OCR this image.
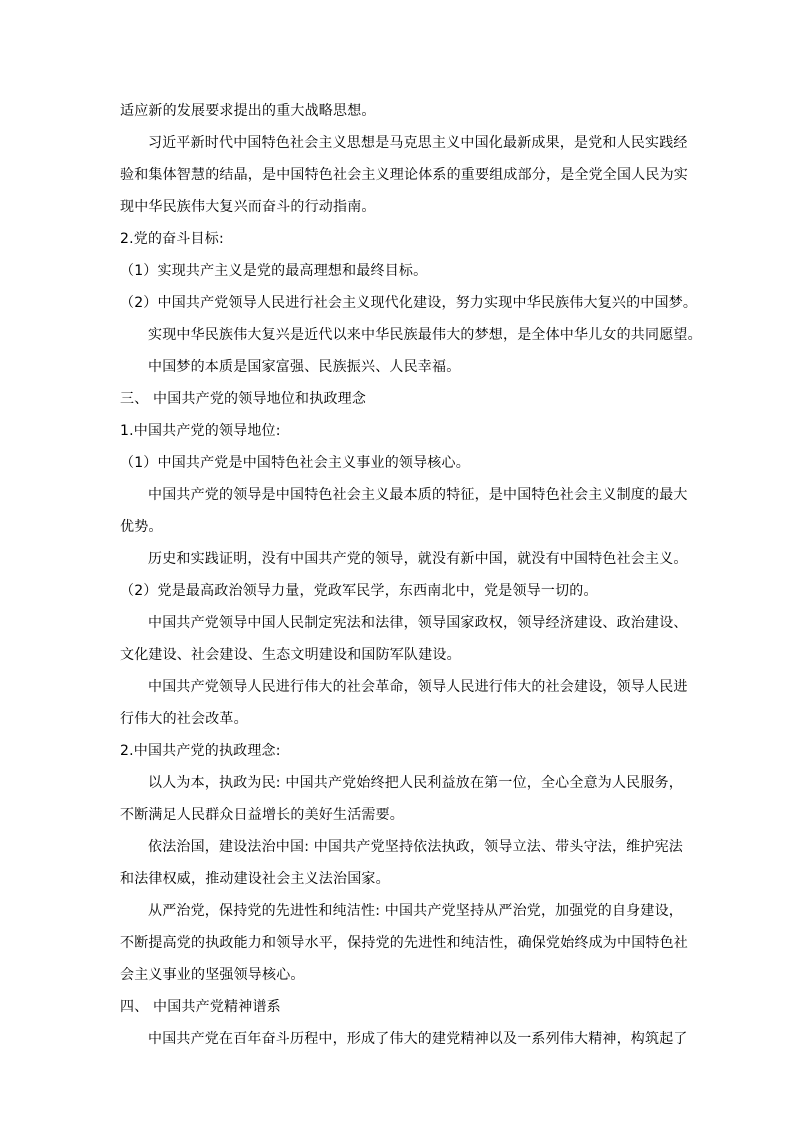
适应新的发展要求提出的重大战略思想。
习近平新时代中国特色社会主义思想是马克思主义中国化最新成果，是党和人民实践经
验和集体智慧的结晶，是中国特色社会主义理论体系的重要组成部分，是全党全国人民为实
现中华民族伟大复兴而奋斗的行动指南。
2.党的奋斗目标:
（1）实现共产主义是党的最高理想和最终目标。
（2）中国共产党领导人民进行社会主义现代化建设，努力实现中华民族伟大复兴的中国梦。
实现中华民族伟大复兴是近代以来中华民族最伟大的梦想，是全体中华儿女的共同愿望。
中国梦的本质是国家富强、民族振兴、人民幸福。
三、 中国共产党的领导地位和执政理念
1.中国共产党的领导地位:
（1）中国共产党是中国特色社会主义事业的领导核心。
中国共产党的领导是中国特色社会主义最本质的特征，是中国特色社会主义制度的最大
优势。
历史和实践证明，没有中国共产党的领导，就没有新中国，就没有中国特色社会主义。
（2）党是最高政治领导力量，党政军民学，东西南北中，党是领导一切的。
中国共产党领导中国人民制定宪法和法律，领导国家政权，领导经济建设、政治建设、
文化建设、社会建设、生态文明建设和国防军队建设。
中国共产党领导人民进行伟大的社会革命，领导人民进行伟大的社会建设，领导人民进
行伟大的社会改革。
2.中国共产党的执政理念:
以人为本，执政为民: 中国共产党始终把人民利益放在第一位，全心全意为人民服务，
不断满足人民群众日益增长的美好生活需要。
依法治国，建设法治中国: 中国共产党坚持依法执政，领导立法、带头守法，维护宪法
和法律权威，推动建设社会主义法治国家。
从严治党，保持党的先进性和纯洁性: 中国共产党坚持从严治党，加强党的自身建设，
不断提高党的执政能力和领导水平，保持党的先进性和纯洁性，确保党始终成为中国特色社
会主义事业的坚强领导核心。
四、 中国共产党精神谱系
中国共产党在百年奋斗历程中，形成了伟大的建党精神以及一系列伟大精神，构筑起了
